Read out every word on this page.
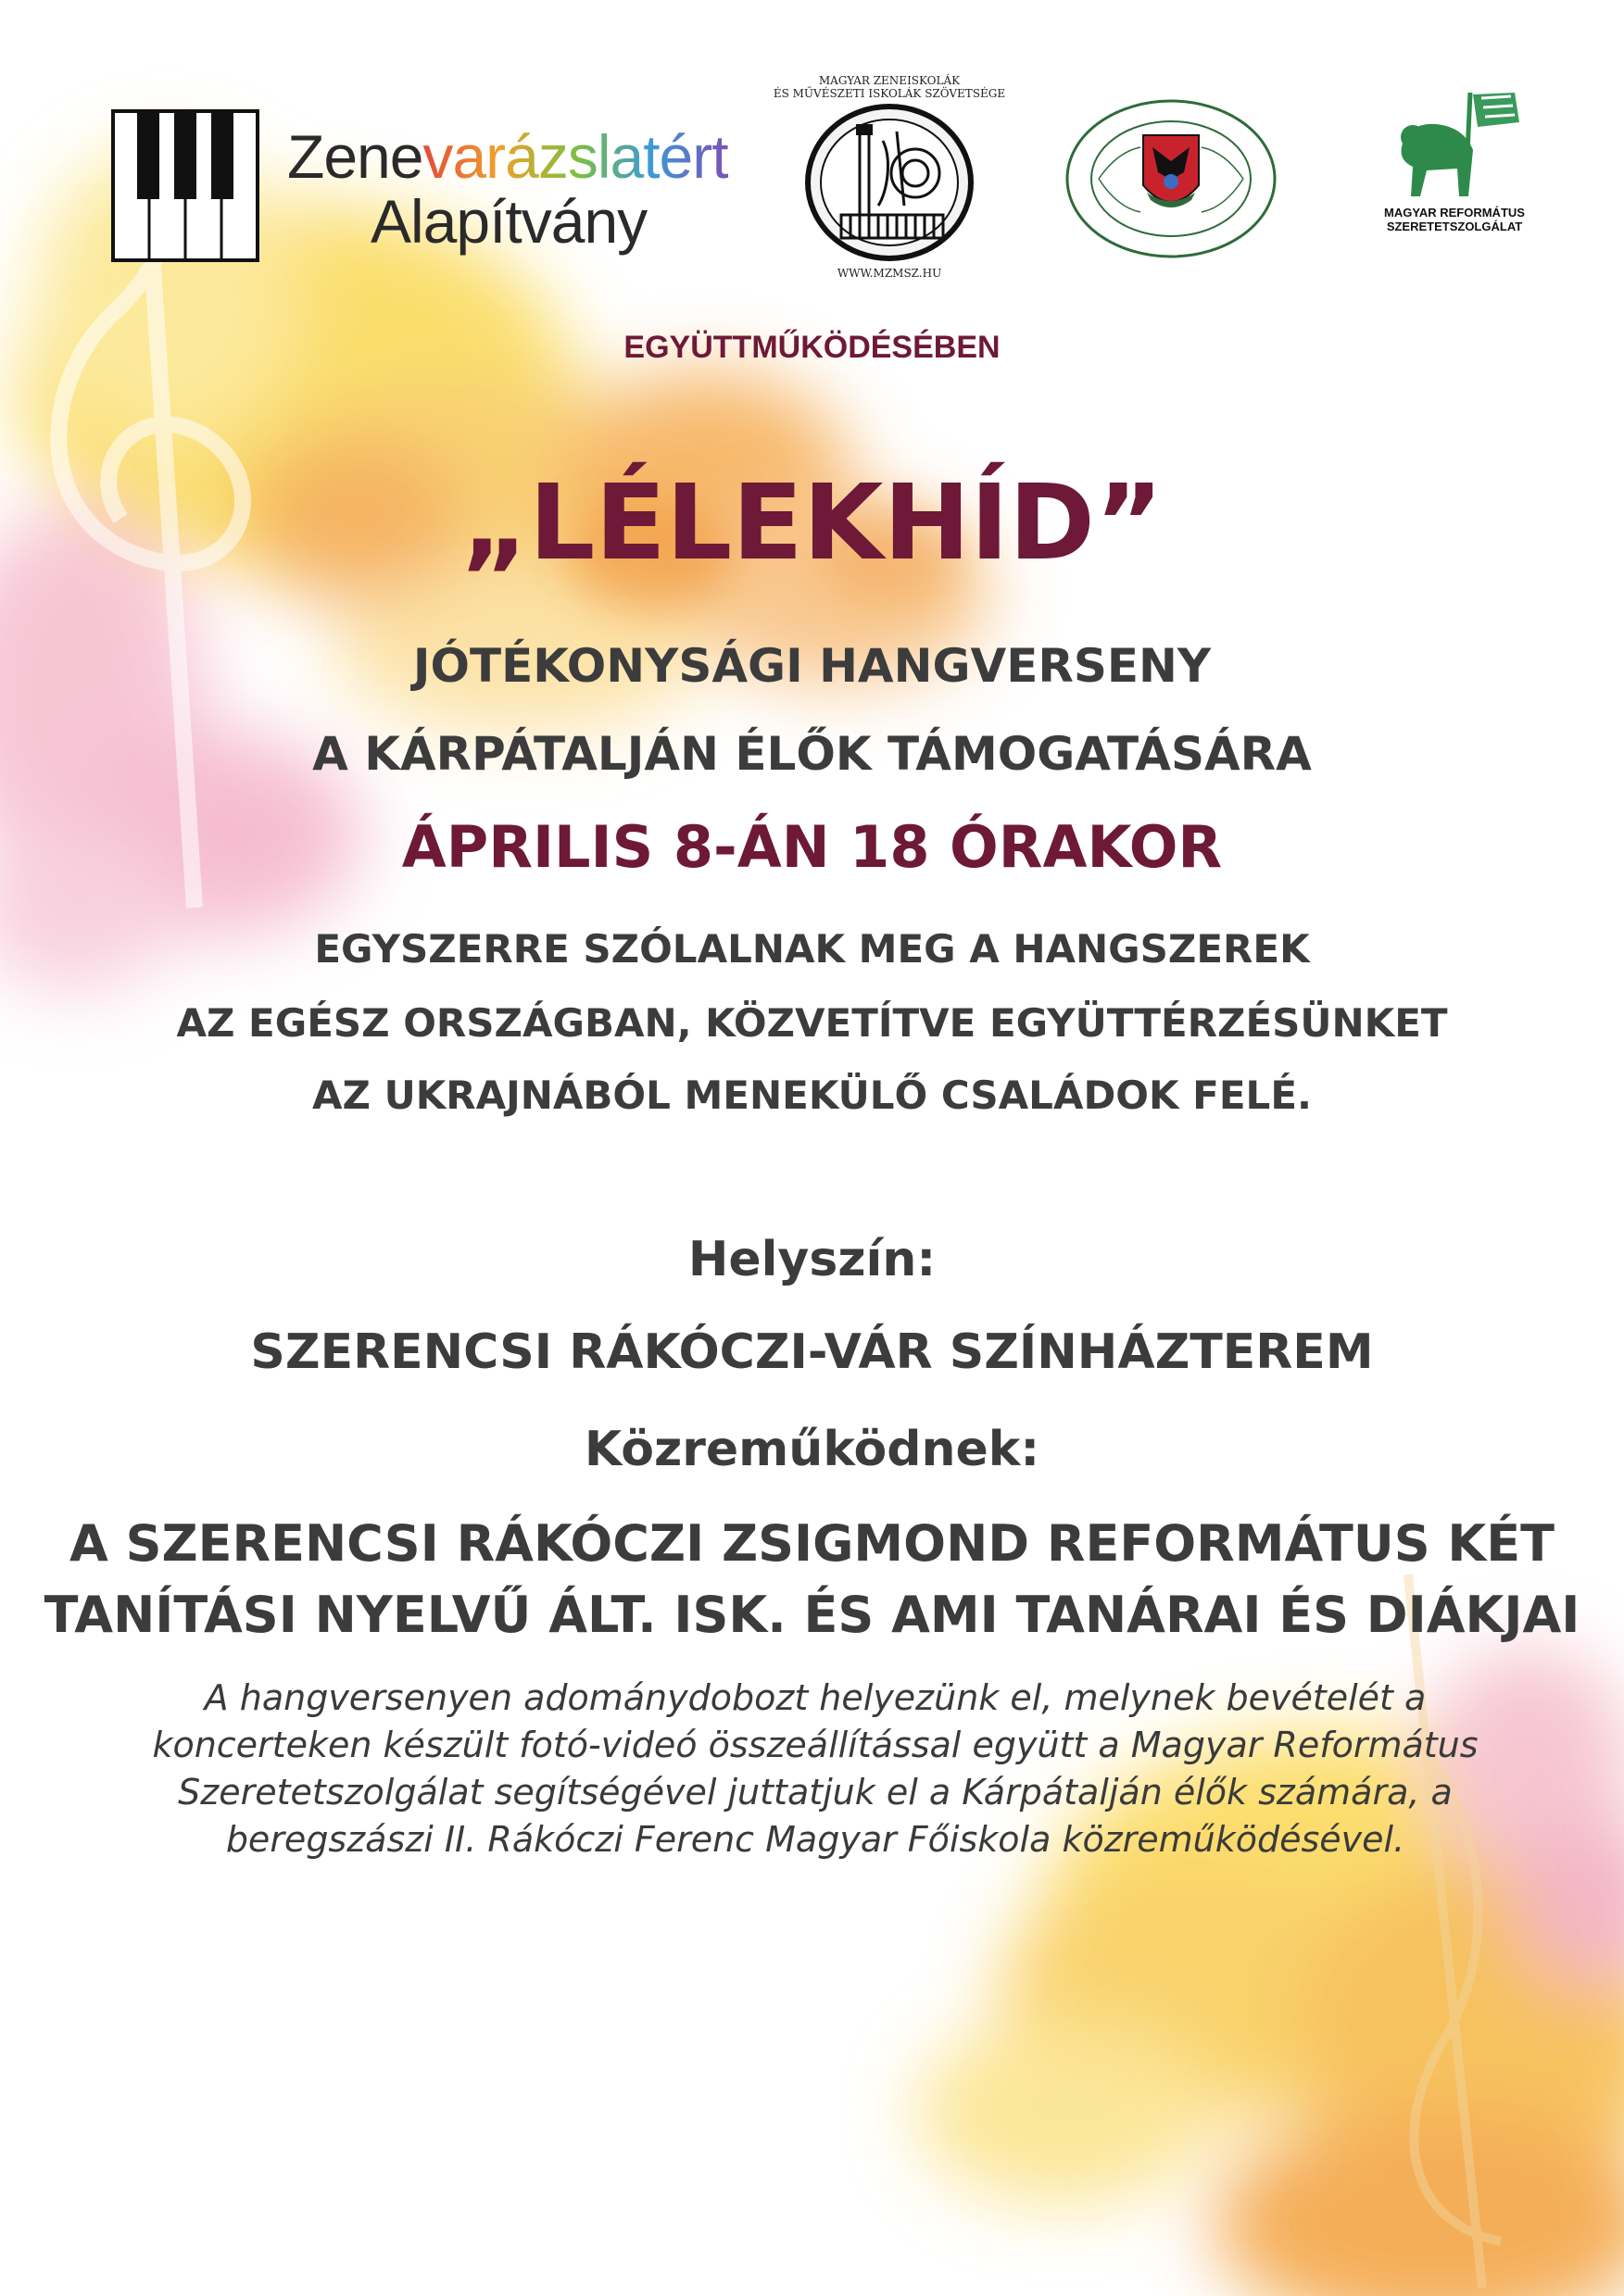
Zenevarázslatért
Alapítvány
MAGYAR ZENEISKOLÁK
ÉS MŰVÉSZETI ISKOLÁK SZÖVETSÉGE
WWW.MZMSZ.HU
MAGYAR REFORMÁTUS
SZERETETSZOLGÁLAT
EGYÜTTMŰKÖDÉSÉBEN
„LÉLEKHÍD”
JÓTÉKONYSÁGI HANGVERSENY
A KÁRPÁTALJÁN ÉLŐK TÁMOGATÁSÁRA
ÁPRILIS 8-ÁN 18 ÓRAKOR
EGYSZERRE SZÓLALNAK MEG A HANGSZEREK
AZ EGÉSZ ORSZÁGBAN, KÖZVETÍTVE EGYÜTTÉRZÉSÜNKET
AZ UKRAJNÁBÓL MENEKÜLŐ CSALÁDOK FELÉ.
Helyszín:
SZERENCSI RÁKÓCZI-VÁR SZÍNHÁZTEREM
Közreműködnek:
A SZERENCSI RÁKÓCZI ZSIGMOND REFORMÁTUS KÉT
TANÍTÁSI NYELVŰ ÁLT. ISK. ÉS AMI TANÁRAI ÉS DIÁKJAI
A hangversenyen adománydobozt helyezünk el, melynek bevételét a
koncerteken készült fotó-videó összeállítással együtt a Magyar Református
Szeretetszolgálat segítségével juttatjuk el a Kárpátalján élők számára, a
beregszászi II. Rákóczi Ferenc Magyar Főiskola közreműködésével.
